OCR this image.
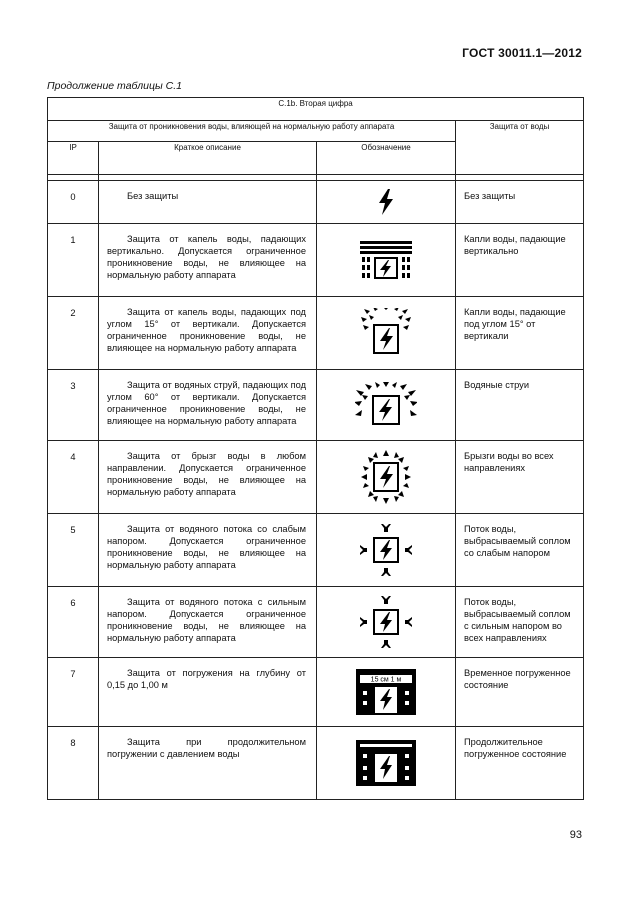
ГОСТ 30011.1—2012
Продолжение таблицы С.1
С.1b. Вторая цифра			
Защита от проникновения воды, влияющей на нормальную работу аппарата			Защита от воды
IP	Краткое описание	Обозначение	

0	Без защиты		Без защиты
1	Защита от капель воды, падающих вертикально. Допускается ограниченное проникновение воды, не влияющее на нормальную работу аппарата		Капли воды, падающие вертикально
2	Защита от капель воды, падающих под углом 15° от вертикали. Допускается ограниченное проникновение воды, не влияющее на нормальную работу аппарата		Капли воды, падающие под углом 15° от вертикали
3	Защита от водяных струй, падающих под углом 60° от вертикали. Допускается ограниченное проникновение воды, не влияющее на нормальную работу аппарата		Водяные струи
4	Защита от брызг воды в любом направлении. Допускается ограниченное проникновение воды, не влияющее на нормальную работу аппарата		Брызги воды во всех направлениях
5	Защита от водяного потока со слабым напором. Допускается ограниченное проникновение воды, не влияющее на нормальную работу аппарата		Поток воды, выбрасываемый соплом со слабым напором
6	Защита от водяного потока с сильным напором. Допускается ограниченное проникновение воды, не влияющее на нормальную работу аппарата		Поток воды, выбрасываемый соплом с сильным напором во всех направлениях
7	Защита от погружения на глубину от 0,15 до 1,00 м	15 см 1 м	Временное погруженное состояние
8	Защита при продолжительном погружении с давлением воды		Продолжительное погруженное состояние
93
